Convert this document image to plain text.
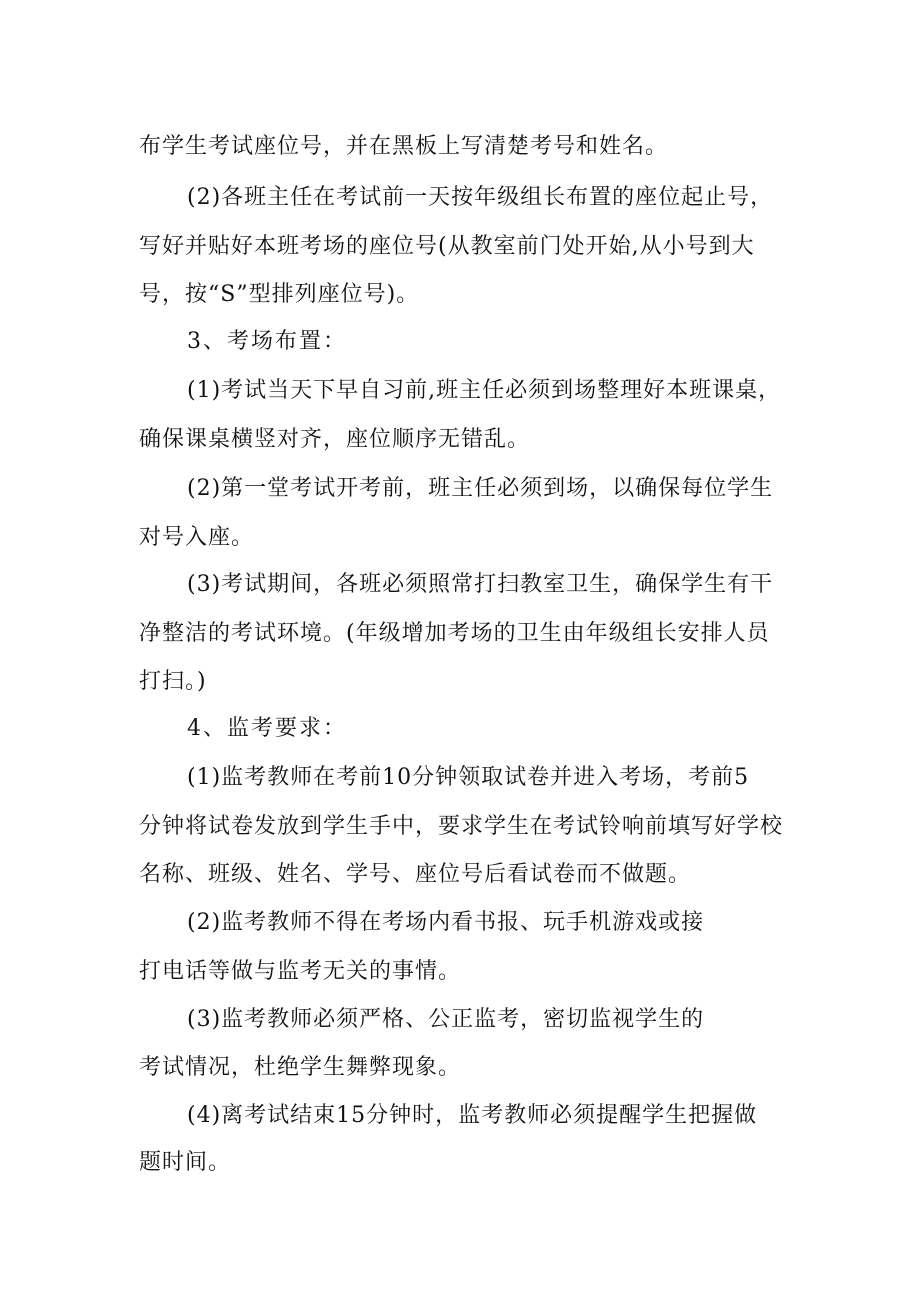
布学生考试座位号，并在黑板上写清楚考号和姓名。
(2)各班主任在考试前一天按年级组长布置的座位起止号，
写好并贴好本班考场的座位号(从教室前门处开始,从小号到大
号，按“S”型排列座位号)。
3、考场布置：
(1)考试当天下早自习前,班主任必须到场整理好本班课桌，
确保课桌横竖对齐，座位顺序无错乱。
(2)第一堂考试开考前，班主任必须到场，以确保每位学生
对号入座。
(3)考试期间，各班必须照常打扫教室卫生，确保学生有干
净整洁的考试环境。(年级增加考场的卫生由年级组长安排人员
打扫。)
4、监考要求：
(1)监考教师在考前10分钟领取试卷并进入考场，考前5
分钟将试卷发放到学生手中，要求学生在考试铃响前填写好学校
名称、班级、姓名、学号、座位号后看试卷而不做题。
(2)监考教师不得在考场内看书报、玩手机游戏或接
打电话等做与监考无关的事情。
(3)监考教师必须严格、公正监考，密切监视学生的
考试情况，杜绝学生舞弊现象。
(4)离考试结束15分钟时，监考教师必须提醒学生把握做
题时间。
